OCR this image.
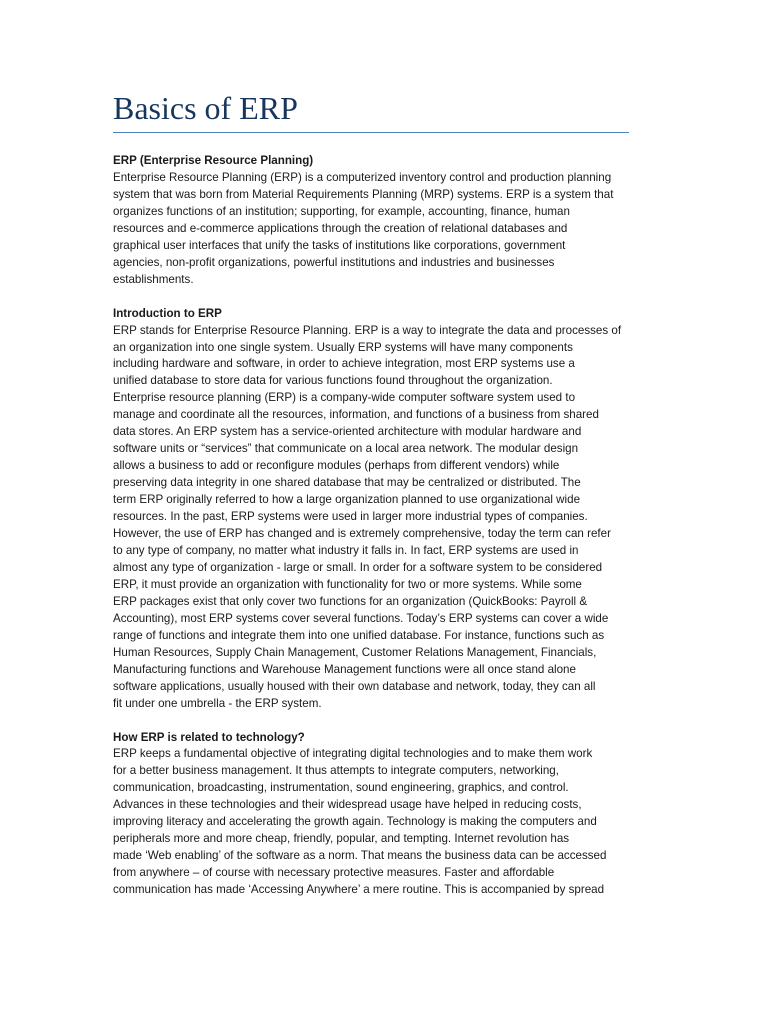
Basics of ERP

ERP (Enterprise Resource Planning)

Enterprise Resource Planning (ERP) is a computerized inventory control and production planning

system that was born from Material Requirements Planning (MRP) systems. ERP is a system that

organizes functions of an institution; supporting, for example, accounting, finance, human

resources and e-commerce applications through the creation of relational databases and

graphical user interfaces that unify the tasks of institutions like corporations, government

agencies, non-profit organizations, powerful institutions and industries and businesses

establishments.

Introduction to ERP

ERP stands for Enterprise Resource Planning. ERP is a way to integrate the data and processes of

an organization into one single system. Usually ERP systems will have many components

including hardware and software, in order to achieve integration, most ERP systems use a

unified database to store data for various functions found throughout the organization.

Enterprise resource planning (ERP) is a company-wide computer software system used to

manage and coordinate all the resources, information, and functions of a business from shared

data stores. An ERP system has a service-oriented architecture with modular hardware and

software units or “services” that communicate on a local area network. The modular design

allows a business to add or reconfigure modules (perhaps from different vendors) while

preserving data integrity in one shared database that may be centralized or distributed. The

term ERP originally referred to how a large organization planned to use organizational wide

resources. In the past, ERP systems were used in larger more industrial types of companies.

However, the use of ERP has changed and is extremely comprehensive, today the term can refer

to any type of company, no matter what industry it falls in. In fact, ERP systems are used in

almost any type of organization - large or small. In order for a software system to be considered

ERP, it must provide an organization with functionality for two or more systems. While some

ERP packages exist that only cover two functions for an organization (QuickBooks: Payroll &

Accounting), most ERP systems cover several functions. Today’s ERP systems can cover a wide

range of functions and integrate them into one unified database. For instance, functions such as

Human Resources, Supply Chain Management, Customer Relations Management, Financials,

Manufacturing functions and Warehouse Management functions were all once stand alone

software applications, usually housed with their own database and network, today, they can all

fit under one umbrella - the ERP system.

How ERP is related to technology?

ERP keeps a fundamental objective of integrating digital technologies and to make them work

for a better business management. It thus attempts to integrate computers, networking,

communication, broadcasting, instrumentation, sound engineering, graphics, and control.

Advances in these technologies and their widespread usage have helped in reducing costs,

improving literacy and accelerating the growth again. Technology is making the computers and

peripherals more and more cheap, friendly, popular, and tempting. Internet revolution has

made ‘Web enabling’ of the software as a norm. That means the business data can be accessed

from anywhere – of course with necessary protective measures. Faster and affordable

communication has made ‘Accessing Anywhere’ a mere routine. This is accompanied by spread
